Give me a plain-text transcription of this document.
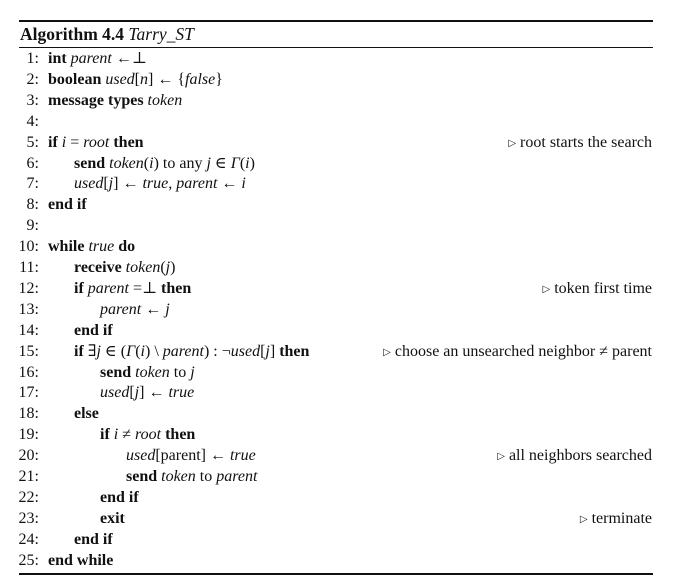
Algorithm 4.4 Tarry_ST
1: int parent ←⊥
2: boolean used[n] ← {false}
3: message types token
4:
5: if i = root then	▷ root starts the search
6: send token(i) to any j ∈ Γ(i)
7: used[j] ← true, parent ← i
8: end if
9:
10: while true do
11: receive token(j)
12: if parent =⊥ then	▷ token first time
13:	parent ← j
14: end if
15: if ∃j ∈ (Γ(i) \ parent) : ¬used[j] then	▷ choose an unsearched neighbor ≠ parent
16:	send token to j
17:	used[j] ← true
18: else
19:	if i ≠ root then
20:	used[parent] ← true	▷ all neighbors searched
21:	send token to parent
22:	end if
23:	exit	▷ terminate
24: end if
25: end while
